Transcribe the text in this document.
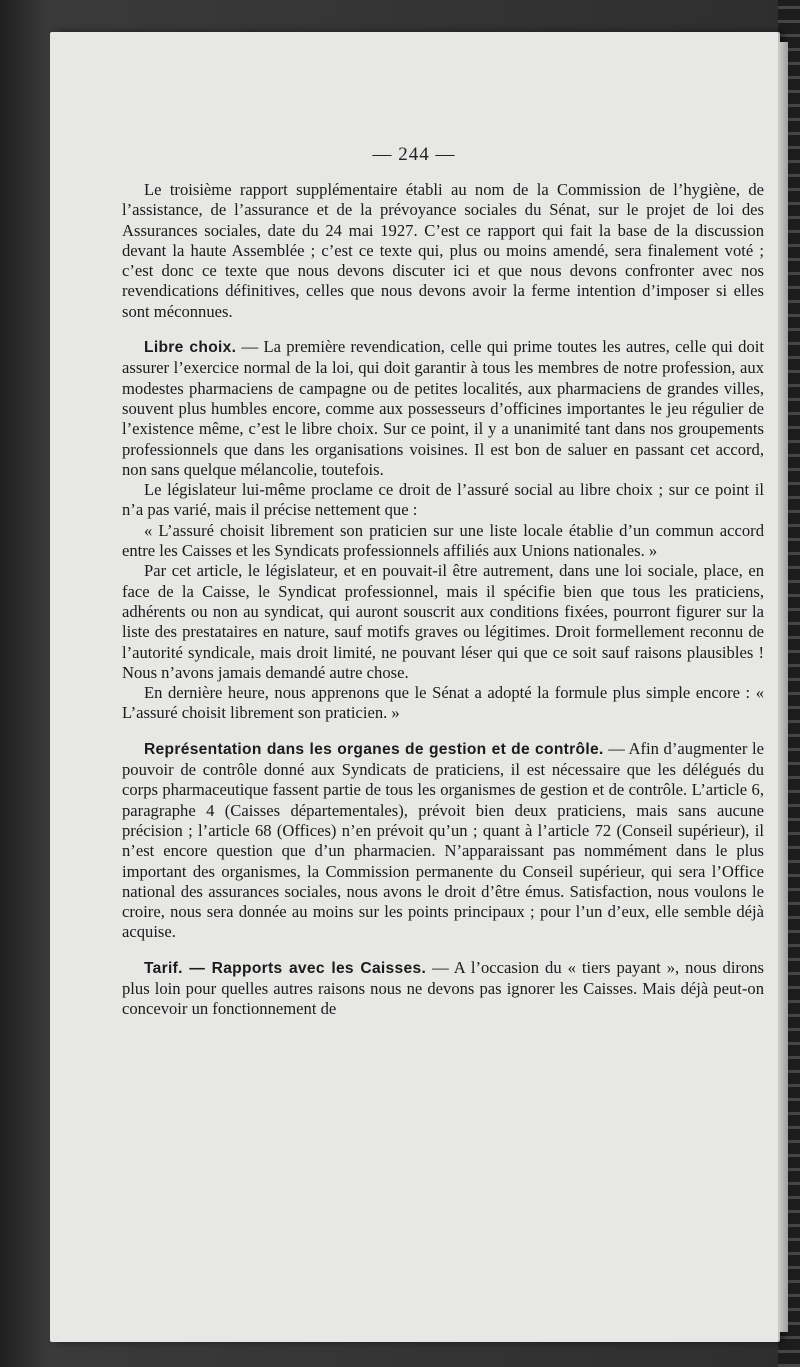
— 244 —

Le troisième rapport supplémentaire établi au nom de la Commission de l’hygiène, de l’assistance, de l’assurance et de la prévoyance sociales du Sénat, sur le projet de loi des Assurances sociales, date du 24 mai 1927. C’est ce rapport qui fait la base de la discussion devant la haute Assemblée ; c’est ce texte qui, plus ou moins amendé, sera finalement voté ; c’est donc ce texte que nous devons discuter ici et que nous devons confronter avec nos revendications définitives, celles que nous devons avoir la ferme intention d’imposer si elles sont méconnues.

Libre choix. — La première revendication, celle qui prime toutes les autres, celle qui doit assurer l’exercice normal de la loi, qui doit garantir à tous les membres de notre profession, aux modestes pharmaciens de campagne ou de petites localités, aux pharmaciens de grandes villes, souvent plus humbles encore, comme aux possesseurs d’officines importantes le jeu régulier de l’existence même, c’est le libre choix. Sur ce point, il y a unanimité tant dans nos groupements professionnels que dans les organisations voisines. Il est bon de saluer en passant cet accord, non sans quelque mélancolie, toutefois.

Le législateur lui-même proclame ce droit de l’assuré social au libre choix ; sur ce point il n’a pas varié, mais il précise nettement que :

« L’assuré choisit librement son praticien sur une liste locale établie d’un commun accord entre les Caisses et les Syndicats professionnels affiliés aux Unions nationales. »

Par cet article, le législateur, et en pouvait-il être autrement, dans une loi sociale, place, en face de la Caisse, le Syndicat professionnel, mais il spécifie bien que tous les praticiens, adhérents ou non au syndicat, qui auront souscrit aux conditions fixées, pourront figurer sur la liste des prestataires en nature, sauf motifs graves ou légitimes. Droit formellement reconnu de l’autorité syndicale, mais droit limité, ne pouvant léser qui que ce soit sauf raisons plausibles ! Nous n’avons jamais demandé autre chose.

En dernière heure, nous apprenons que le Sénat a adopté la formule plus simple encore : « L’assuré choisit librement son praticien. »

Représentation dans les organes de gestion et de contrôle. — Afin d’augmenter le pouvoir de contrôle donné aux Syndicats de praticiens, il est nécessaire que les délégués du corps pharmaceutique fassent partie de tous les organismes de gestion et de contrôle. L’article 6, paragraphe 4 (Caisses départementales), prévoit bien deux praticiens, mais sans aucune précision ; l’article 68 (Offices) n’en prévoit qu’un ; quant à l’article 72 (Conseil supérieur), il n’est encore question que d’un pharmacien. N’apparaissant pas nommément dans le plus important des organismes, la Commission permanente du Conseil supérieur, qui sera l’Office national des assurances sociales, nous avons le droit d’être émus. Satisfaction, nous voulons le croire, nous sera donnée au moins sur les points principaux ; pour l’un d’eux, elle semble déjà acquise.

Tarif. — Rapports avec les Caisses. — A l’occasion du « tiers payant », nous dirons plus loin pour quelles autres raisons nous ne devons pas ignorer les Caisses. Mais déjà peut-on concevoir un fonctionnement de
